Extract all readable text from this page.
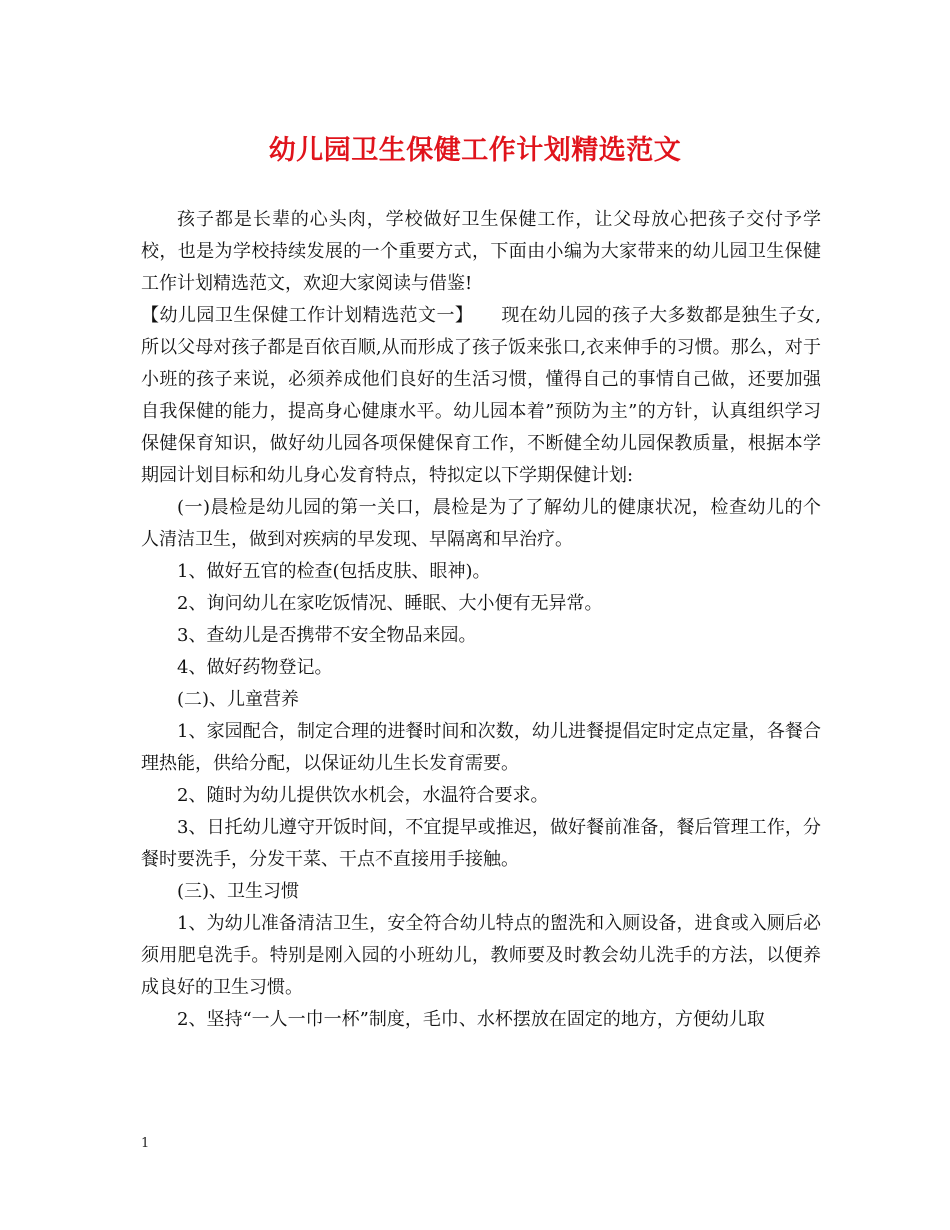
幼儿园卫生保健工作计划精选范文

孩子都是长辈的心头肉，学校做好卫生保健工作，让父母放心把孩子交付予学校，也是为学校持续发展的一个重要方式，下面由小编为大家带来的幼儿园卫生保健工作计划精选范文，欢迎大家阅读与借鉴!

【幼儿园卫生保健工作计划精选范文一】　　 现在幼儿园的孩子大多数都是独生子女,所以父母对孩子都是百依百顺,从而形成了孩子饭来张口,衣来伸手的习惯。那么，对于小班的孩子来说，必须养成他们良好的生活习惯，懂得自己的事情自己做，还要加强自我保健的能力，提高身心健康水平。幼儿园本着”预防为主”的方针，认真组织学习保健保育知识，做好幼儿园各项保健保育工作，不断健全幼儿园保教质量，根据本学期园计划目标和幼儿身心发育特点，特拟定以下学期保健计划:

(一)晨检是幼儿园的第一关口，晨检是为了了解幼儿的健康状况，检查幼儿的个人清洁卫生，做到对疾病的早发现、早隔离和早治疗。

1、做好五官的检查(包括皮肤、眼神)。

2、询问幼儿在家吃饭情况、睡眠、大小便有无异常。

3、查幼儿是否携带不安全物品来园。

4、做好药物登记。

(二)、儿童营养

1、家园配合，制定合理的进餐时间和次数，幼儿进餐提倡定时定点定量，各餐合理热能，供给分配，以保证幼儿生长发育需要。

2、随时为幼儿提供饮水机会，水温符合要求。

3、日托幼儿遵守开饭时间，不宜提早或推迟，做好餐前准备，餐后管理工作，分餐时要洗手，分发干菜、干点不直接用手接触。

(三)、卫生习惯

1、为幼儿准备清洁卫生，安全符合幼儿特点的盥洗和入厕设备，进食或入厕后必须用肥皂洗手。特别是刚入园的小班幼儿，教师要及时教会幼儿洗手的方法，以便养成良好的卫生习惯。

2、坚持“一人一巾一杯”制度，毛巾、水杯摆放在固定的地方，方便幼儿取

1
